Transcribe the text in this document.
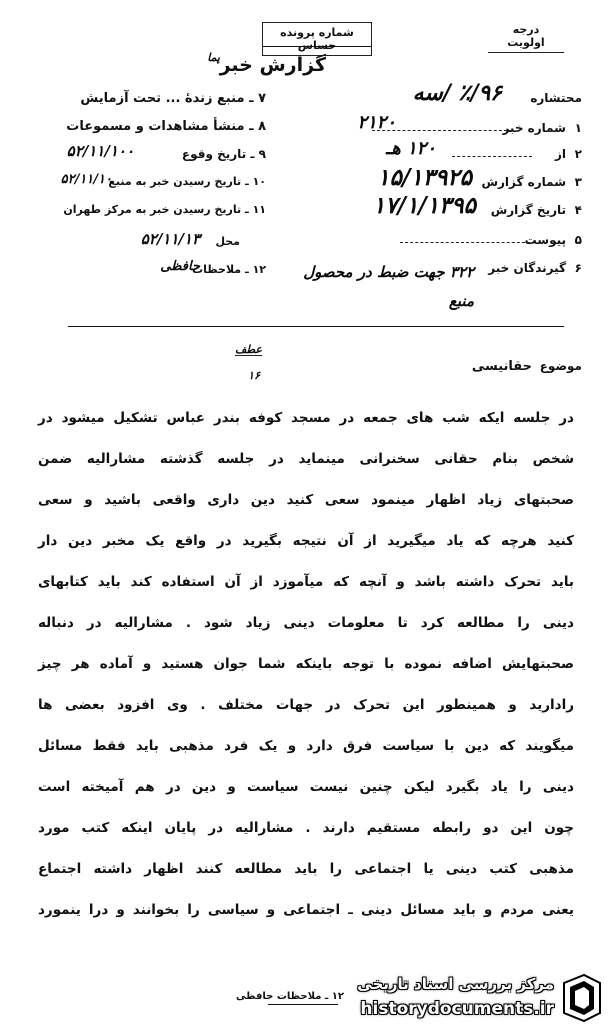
شماره پرونده حساس
درجه اولویت
گزارش خبر
پما
محتشاره
۹۶/٪ /سه
۱
شماره خبر
۲۱۲۰
۲
از
۱۲۰ هـ
۳
شماره گزارش
۱۵/۱۳۹۲۵
۴
تاریخ گزارش
۱۷/۱/۱۳۹۵
۵
پیوست
۶
گیرندگان خبر
۳۲۲ جهت ضبط در محصول منبع
۷ ـ منبع زندهٔ ... تحت آزمایش
۸ ـ منشأ مشاهدات و مسموعات
۹ ـ تاریخ وقوع
۵۲/۱۱/۱۰۰
۱۰ ـ تاریخ رسیدن خبر به منبع
۵۲/۱۱/۱۰
۱۱ ـ تاریخ رسیدن خبر به مرکز طهران
محل
۵۲/۱۱/۱۳
۱۲ ـ ملاحظات
حافظی
موضوع
حقانیسی
عطف
۱۶
در جلسه ایکه شب های جمعه در مسجد کوفه بندر عباس تشکیل میشود در
شخص بنام حقانی سخنرانی مینماید در جلسه گذشته مشارالیه ضمن
صحبتهای زیاد اظهار مینمود سعی کنید دین داری واقعی باشید و سعی
کنید هرچه که یاد میگیرید از آن نتیجه بگیرید در واقع یک مخبر دین دار
باید تحرک داشته باشد و آنچه که میآموزد از آن استفاده کند باید کتابهای
دینی را مطالعه کرد تا معلومات دینی زیاد شود . مشارالیه در دنباله
صحبتهایش اضافه نموده با توجه باینکه شما جوان هستید و آماده هر چیز
رادارید و همینطور این تحرک در جهات مختلف . وی افزود بعضی ها
میگویند که دین با سیاست فرق دارد و یک فرد مذهبی باید فقط مسائل
دینی را یاد بگیرد لیکن چنین نیست سیاست و دین در هم آمیخته است
چون این دو رابطه مستقیم دارند . مشارالیه در پایان اینکه کتب مورد
مذهبی کتب دینی یا اجتماعی را باید مطالعه کنند اظهار داشته اجتماع
یعنی مردم و باید مسائل دینی ـ اجتماعی و سیاسی را بخوانند و درا ینمورد
۱۲ ـ ملاحظات حافظی
مرکز بررسی اسناد تاریخی
historydocuments.ir
